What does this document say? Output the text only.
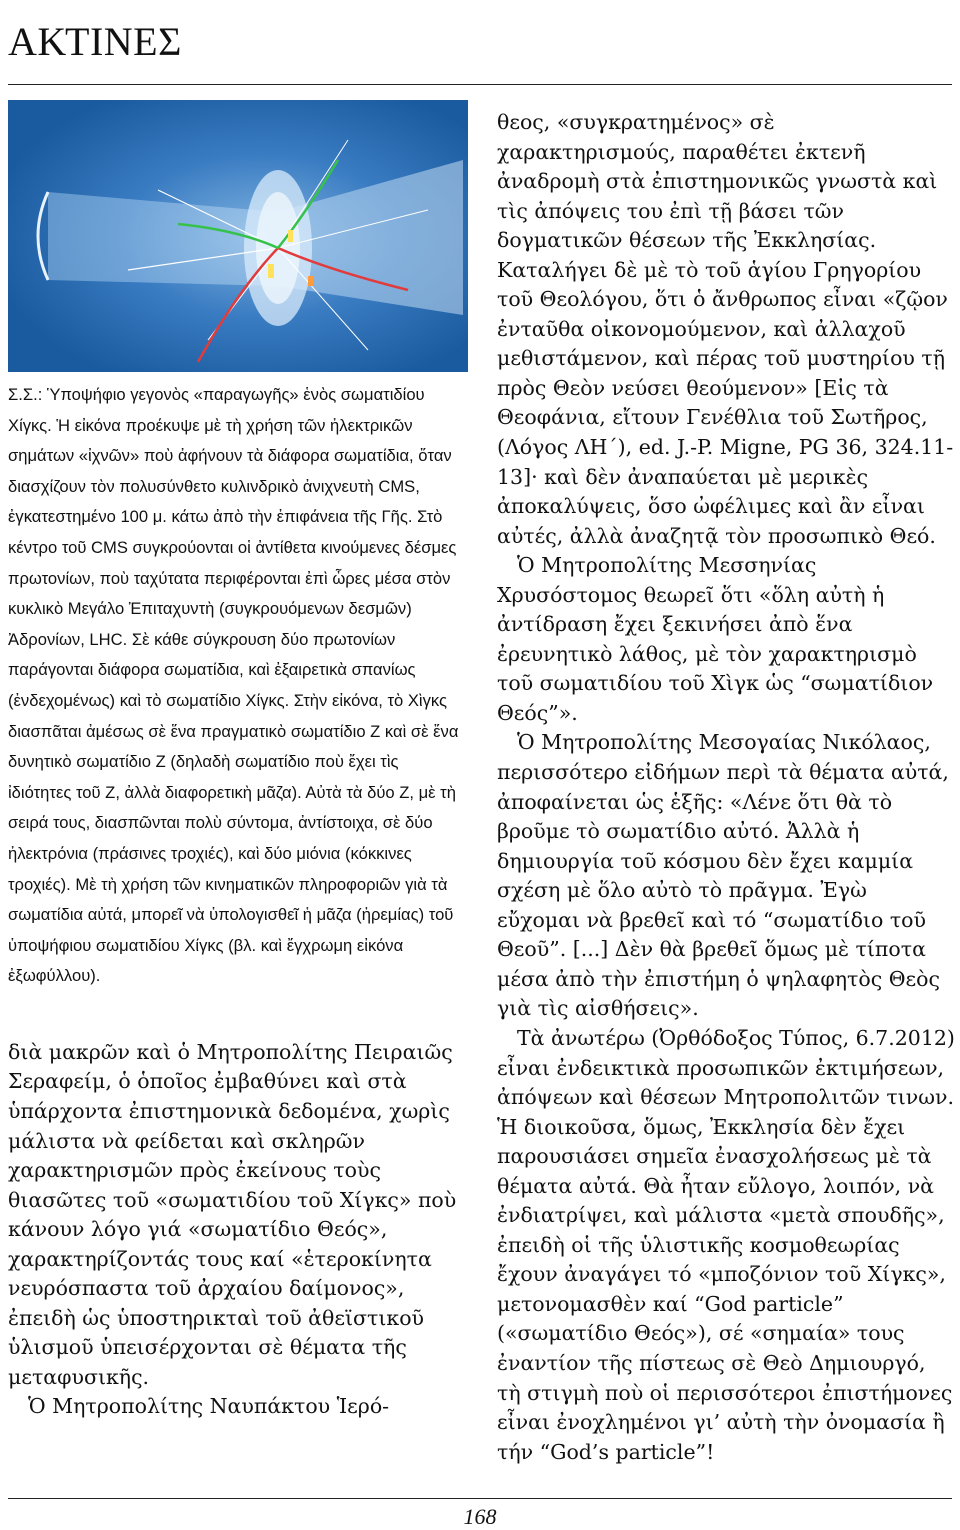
ΑΚΤΙΝΕΣ

Σ.Σ.: Ὑποψήφιο γεγονὸς «παραγωγῆς» ἑνὸς σωματιδίου Χίγκς. Ἡ εἰκόνα προέκυψε μὲ τὴ χρήση τῶν ἠλεκτρικῶν σημάτων «ἰχνῶν» ποὺ ἀφήνουν τὰ διάφορα σωματίδια, ὅταν διασχίζουν τὸν πολυσύνθετο κυλινδρικὸ ἀνιχνευτὴ CMS, ἐγκατεστημένο 100 μ. κάτω ἀπὸ τὴν ἐπιφάνεια τῆς Γῆς. Στὸ κέντρο τοῦ CMS συγκρούονται οἱ ἀντίθετα κινούμενες δέσμες πρωτονίων, ποὺ ταχύτατα περιφέρονται ἐπὶ ὧρες μέσα στὸν κυκλικὸ Μεγάλο Ἐπιταχυντὴ (συγκρουόμενων δεσμῶν) Ἀδρονίων, LHC. Σὲ κάθε σύγκρουση δύο πρωτονίων παράγονται διάφορα σωματίδια, καὶ ἐξαιρετικὰ σπανίως (ἐνδεχομένως) καὶ τὸ σωματίδιο Χίγκς. Στὴν εἰκόνα, τὸ Χὶγκς διασπᾶται ἀμέσως σὲ ἕνα πραγματικὸ σωματίδιο Ζ καὶ σὲ ἕνα δυνητικὸ σωματίδιο Ζ (δηλαδὴ σωματίδιο ποὺ ἔχει τὶς ἰδιότητες τοῦ Ζ, ἀλλὰ διαφορετικὴ μᾶζα). Αὐτὰ τὰ δύο Ζ, μὲ τὴ σειρά τους, διασπῶνται πολὺ σύντομα, ἀντίστοιχα, σὲ δύο ἠλεκτρόνια (πράσινες τροχιές), καὶ δύο μιόνια (κόκκινες τροχιές). Μὲ τὴ χρήση τῶν κινηματικῶν πληροφοριῶν γιὰ τὰ σωματίδια αὐτά, μπορεῖ νὰ ὑπολογισθεῖ ἡ μᾶζα (ἠρεμίας) τοῦ ὑποψήφιου σωματιδίου Χίγκς (βλ. καὶ ἔγχρωμη εἰκόνα ἐξωφύλλου).

διὰ μακρῶν καὶ ὁ Μητροπολίτης Πειραιῶς Σεραφείμ, ὁ ὁποῖος ἐμβαθύνει καὶ στὰ ὑπάρχοντα ἐπιστημονικὰ δεδομένα, χωρὶς μάλιστα νὰ φείδεται καὶ σκληρῶν χαρακτηρισμῶν πρὸς ἐκείνους τοὺς θιασῶτες τοῦ «σωματιδίου τοῦ Χίγκς» ποὺ κάνουν λόγο γιά «σωματίδιο Θεός», χαρακτηρίζοντάς τους καί «ἑτεροκίνητα νευρόσπαστα τοῦ ἀρχαίου δαίμονος», ἐπειδὴ ὡς ὑποστηρικταὶ τοῦ ἀθεϊστικοῦ ὑλισμοῦ ὑπεισέρχονται σὲ θέματα τῆς μεταφυσικῆς.

Ὁ Μητροπολίτης Ναυπάκτου Ἱερό-

θεος, «συγκρατημένος» σὲ χαρακτηρισμούς, παραθέτει ἐκτενῆ ἀναδρομὴ στὰ ἐπιστημονικῶς γνωστὰ καὶ τὶς ἀπόψεις του ἐπὶ τῇ βάσει τῶν δογματικῶν θέσεων τῆς Ἐκκλησίας. Καταλήγει δὲ μὲ τὸ τοῦ ἁγίου Γρηγορίου τοῦ Θεολόγου, ὅτι ὁ ἄνθρωπος εἶναι «ζῷον ἐνταῦθα οἰκονομούμενον, καὶ ἀλλαχοῦ μεθιστάμενον, καὶ πέρας τοῦ μυστηρίου τῇ πρὸς Θεὸν νεύσει θεούμενον» [Εἰς τὰ Θεοφάνια, εἴτουν Γενέθλια τοῦ Σωτῆρος, (Λόγος ΛΗ΄), ed. J.-P. Migne, PG 36, 324.11-13]· καὶ δὲν ἀναπαύεται μὲ μερικὲς ἀποκαλύψεις, ὅσο ὠφέλιμες καὶ ἂν εἶναι αὐτές, ἀλλὰ ἀναζητᾷ τὸν προσωπικὸ Θεό.

Ὁ Μητροπολίτης Μεσσηνίας Χρυσόστομος θεωρεῖ ὅτι «ὅλη αὐτὴ ἡ ἀντίδραση ἔχει ξεκινήσει ἀπὸ ἕνα ἐρευνητικὸ λάθος, μὲ τὸν χαρακτηρισμὸ τοῦ σωματιδίου τοῦ Χὶγκ ὡς “σωματίδιον Θεός”».

Ὁ Μητροπολίτης Μεσογαίας Νικόλαος, περισσότερο εἰδήμων περὶ τὰ θέματα αὐτά, ἀποφαίνεται ὡς ἑξῆς: «Λένε ὅτι θὰ τὸ βροῦμε τὸ σωματίδιο αὐτό. Ἀλλὰ ἡ δημιουργία τοῦ κόσμου δὲν ἔχει καμμία σχέση μὲ ὅλο αὐτὸ τὸ πρᾶγμα. Ἐγὼ εὔχομαι νὰ βρεθεῖ καὶ τό “σωματίδιο τοῦ Θεοῦ”. [...] Δὲν θὰ βρεθεῖ ὅμως μὲ τίποτα μέσα ἀπὸ τὴν ἐπιστήμη ὁ ψηλαφητὸς Θεὸς γιὰ τὶς αἰσθήσεις».

Τὰ ἀνωτέρω (Ὀρθόδοξος Τύπος, 6.7.2012) εἶναι ἐνδεικτικὰ προσωπικῶν ἐκτιμήσεων, ἀπόψεων καὶ θέσεων Μητροπολιτῶν τινων. Ἡ διοικοῦσα, ὅμως, Ἐκκλησία δὲν ἔχει παρουσιάσει σημεῖα ἐνασχολήσεως μὲ τὰ θέματα αὐτά. Θὰ ἦταν εὔλογο, λοιπόν, νὰ ἐνδιατρίψει, καὶ μάλιστα «μετὰ σπουδῆς», ἐπειδὴ οἱ τῆς ὑλιστικῆς κοσμοθεωρίας ἔχουν ἀναγάγει τό «μποζόνιον τοῦ Χίγκς», μετονομασθὲν καί “God particle” («σωματίδιο Θεός»), σέ «σημαία» τους ἐναντίον τῆς πίστεως σὲ Θεὸ Δημιουργό, τὴ στιγμὴ ποὺ οἱ περισσότεροι ἐπιστήμονες εἶναι ἐνοχλημένοι γι’ αὐτὴ τὴν ὀνομασία ἢ τήν “God’s particle”!

168
